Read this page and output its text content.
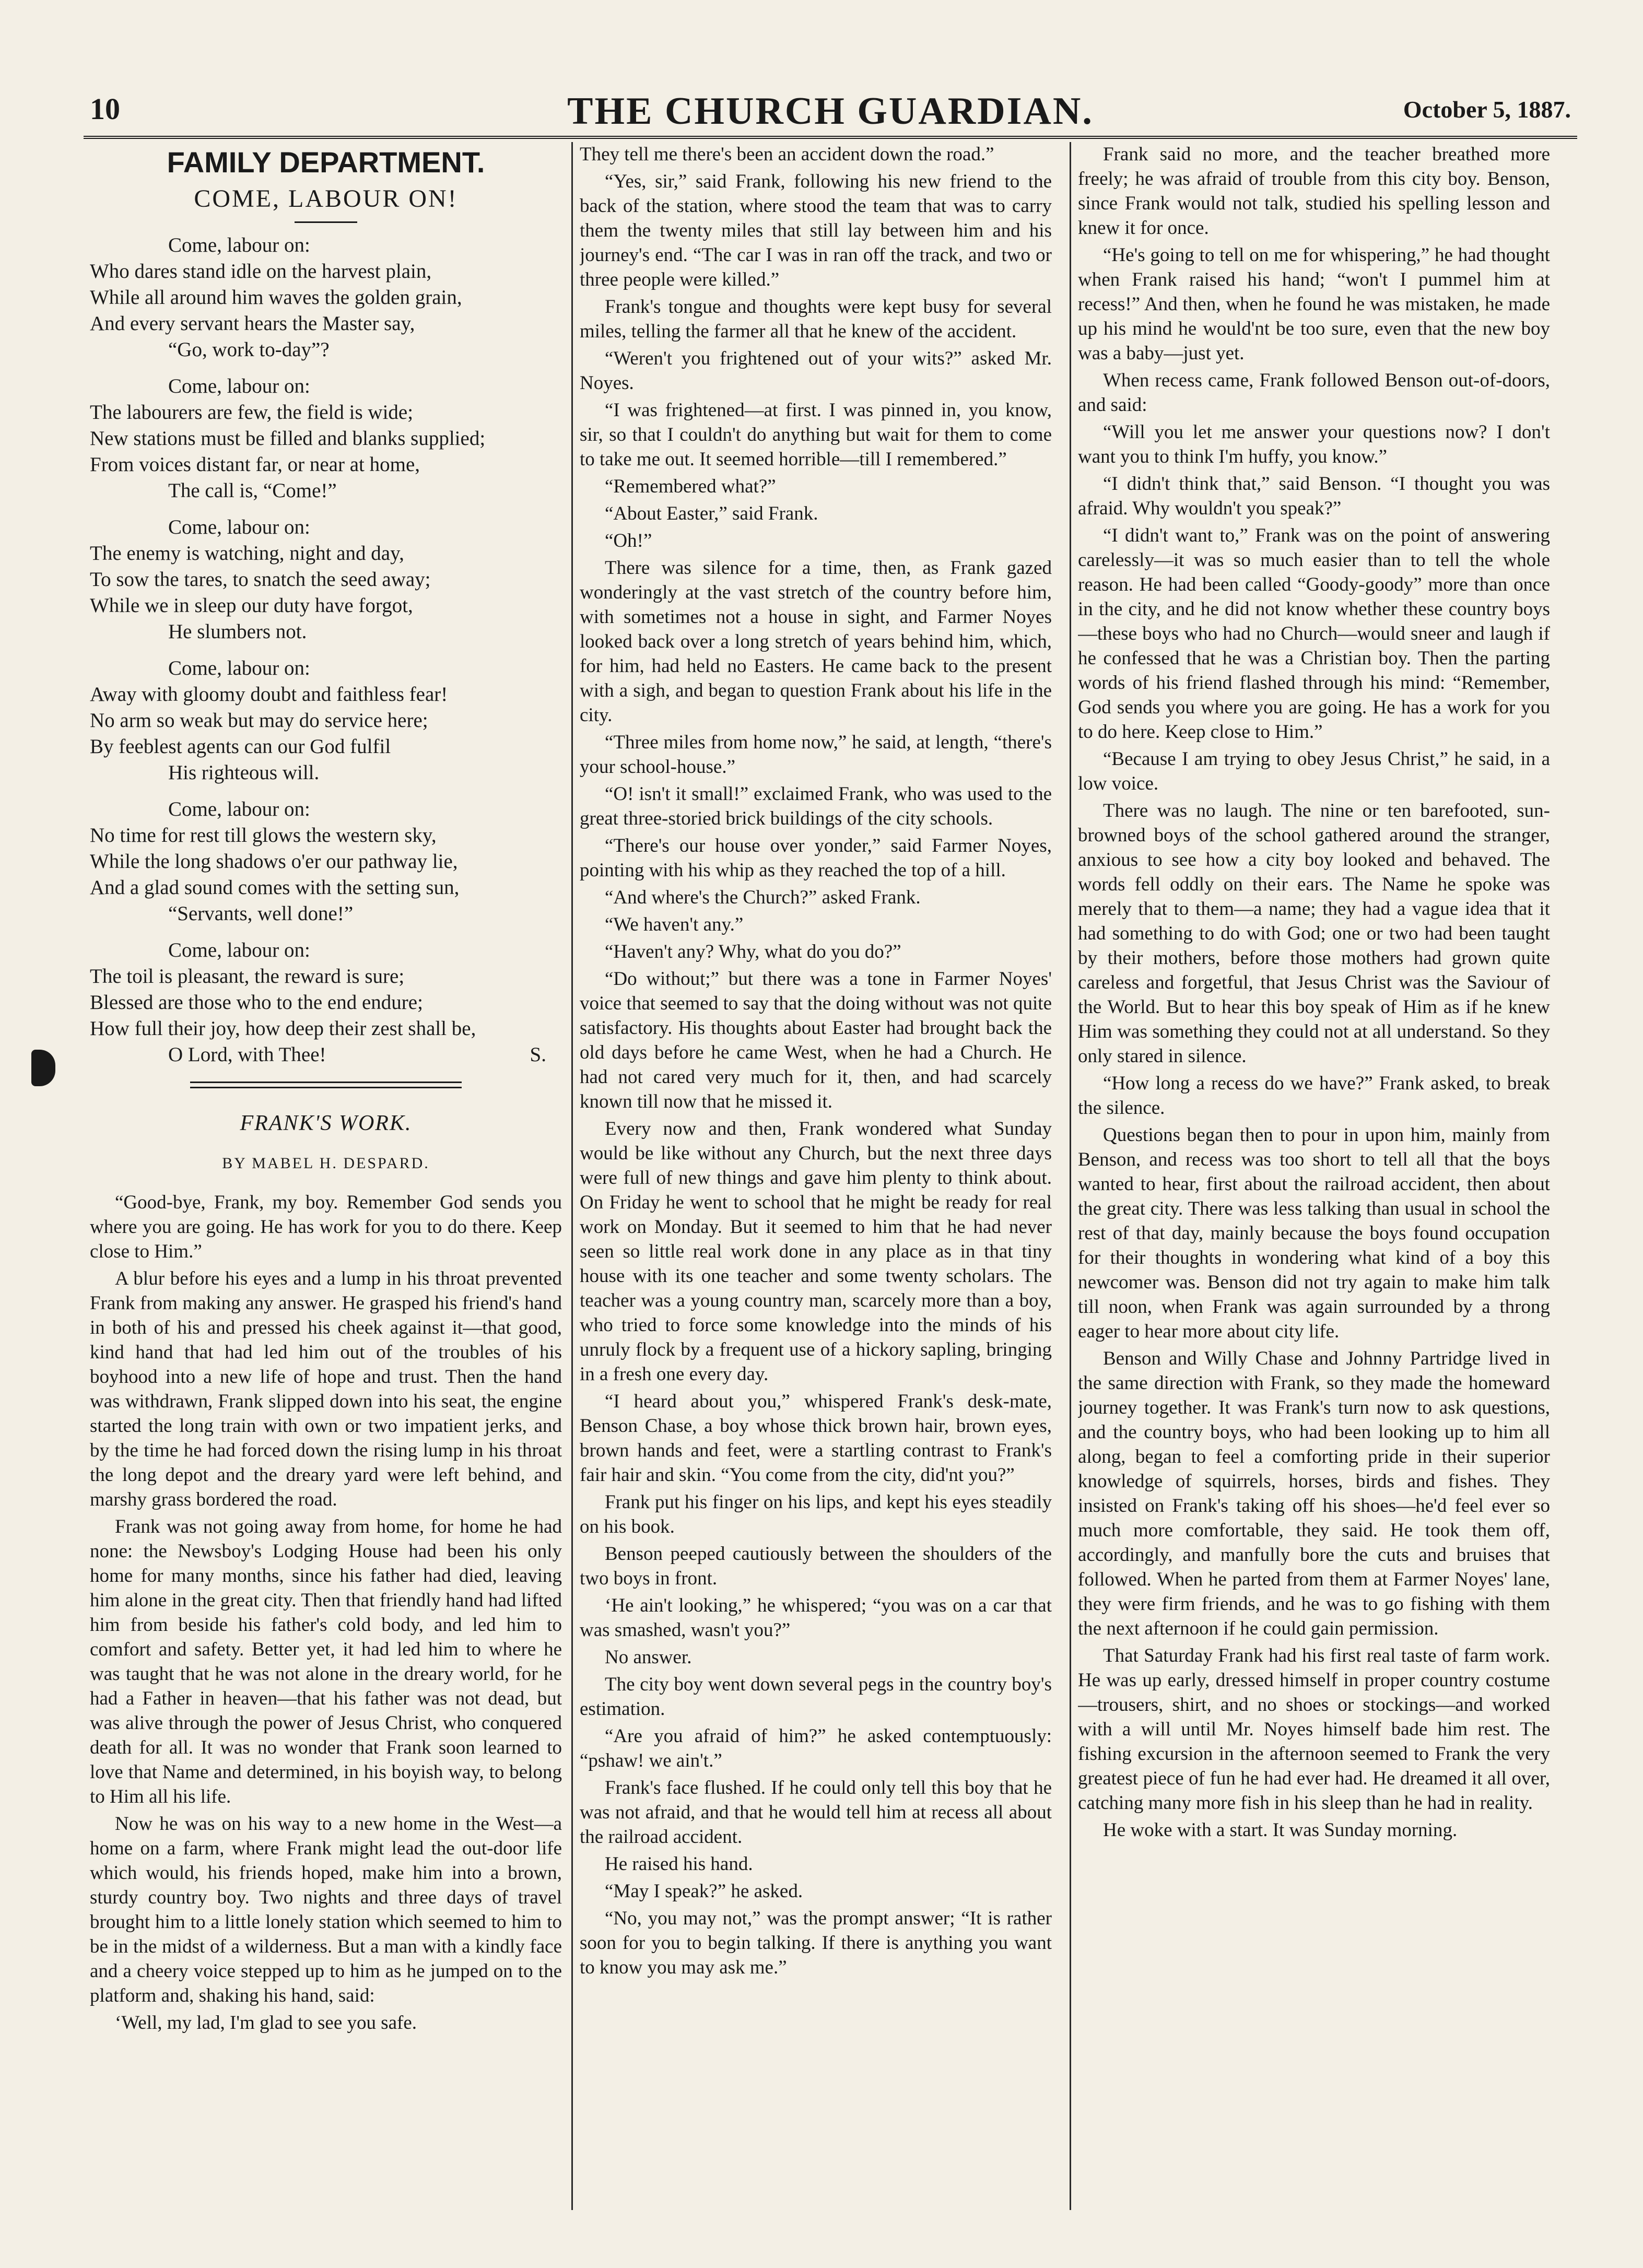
10	THE CHURCH GUARDIAN.	October 5, 1887.
FAMILY DEPARTMENT.
COME, LABOUR ON!
Come, labour on:
Who dares stand idle on the harvest plain,
While all around him waves the golden grain,
And every servant hears the Master say,
“Go, work to-day”?
Come, labour on:
The labourers are few, the field is wide;
New stations must be filled and blanks supplied;
From voices distant far, or near at home,
The call is, “Come!”
Come, labour on:
The enemy is watching, night and day,
To sow the tares, to snatch the seed away;
While we in sleep our duty have forgot,
He slumbers not.
Come, labour on:
Away with gloomy doubt and faithless fear!
No arm so weak but may do service here;
By feeblest agents can our God fulfil
His righteous will.
Come, labour on:
No time for rest till glows the western sky,
While the long shadows o'er our pathway lie,
And a glad sound comes with the setting sun,
“Servants, well done!”
Come, labour on:
The toil is pleasant, the reward is sure;
Blessed are those who to the end endure;
How full their joy, how deep their zest shall be,
O Lord, with Thee!	S.
FRANK'S WORK.
BY MABEL H. DESPARD.

“Good-bye, Frank, my boy. Remember God sends you where you are going. He has work for you to do there. Keep close to Him.”

A blur before his eyes and a lump in his throat prevented Frank from making any answer. He grasped his friend's hand in both of his and pressed his cheek against it—that good, kind hand that had led him out of the troubles of his boyhood into a new life of hope and trust. Then the hand was withdrawn, Frank slipped down into his seat, the engine started the long train with own or two impatient jerks, and by the time he had forced down the rising lump in his throat the long depot and the dreary yard were left behind, and marshy grass bordered the road.

Frank was not going away from home, for home he had none: the Newsboy's Lodging House had been his only home for many months, since his father had died, leaving him alone in the great city. Then that friendly hand had lifted him from beside his father's cold body, and led him to comfort and safety. Better yet, it had led him to where he was taught that he was not alone in the dreary world, for he had a Father in heaven—that his father was not dead, but was alive through the power of Jesus Christ, who conquered death for all. It was no wonder that Frank soon learned to love that Name and determined, in his boyish way, to belong to Him all his life.

Now he was on his way to a new home in the West—a home on a farm, where Frank might lead the out-door life which would, his friends hoped, make him into a brown, sturdy country boy. Two nights and three days of travel brought him to a little lonely station which seemed to him to be in the midst of a wilderness. But a man with a kindly face and a cheery voice stepped up to him as he jumped on to the platform and, shaking his hand, said:

‘Well, my lad, I'm glad to see you safe.

They tell me there's been an accident down the road.”

“Yes, sir,” said Frank, following his new friend to the back of the station, where stood the team that was to carry them the twenty miles that still lay between him and his journey's end. “The car I was in ran off the track, and two or three people were killed.”

Frank's tongue and thoughts were kept busy for several miles, telling the farmer all that he knew of the accident.

“Weren't you frightened out of your wits?” asked Mr. Noyes.

“I was frightened—at first. I was pinned in, you know, sir, so that I couldn't do anything but wait for them to come to take me out. It seemed horrible—till I remembered.”

“Remembered what?”

“About Easter,” said Frank.

“Oh!”

There was silence for a time, then, as Frank gazed wonderingly at the vast stretch of the country before him, with sometimes not a house in sight, and Farmer Noyes looked back over a long stretch of years behind him, which, for him, had held no Easters. He came back to the present with a sigh, and began to question Frank about his life in the city.

“Three miles from home now,” he said, at length, “there's your school-house.”

“O! isn't it small!” exclaimed Frank, who was used to the great three-storied brick buildings of the city schools.

“There's our house over yonder,” said Farmer Noyes, pointing with his whip as they reached the top of a hill.

“And where's the Church?” asked Frank.

“We haven't any.”

“Haven't any? Why, what do you do?”

“Do without;” but there was a tone in Farmer Noyes' voice that seemed to say that the doing without was not quite satisfactory. His thoughts about Easter had brought back the old days before he came West, when he had a Church. He had not cared very much for it, then, and had scarcely known till now that he missed it.

Every now and then, Frank wondered what Sunday would be like without any Church, but the next three days were full of new things and gave him plenty to think about. On Friday he went to school that he might be ready for real work on Monday. But it seemed to him that he had never seen so little real work done in any place as in that tiny house with its one teacher and some twenty scholars. The teacher was a young country man, scarcely more than a boy, who tried to force some knowledge into the minds of his unruly flock by a frequent use of a hickory sapling, bringing in a fresh one every day.

“I heard about you,” whispered Frank's desk-mate, Benson Chase, a boy whose thick brown hair, brown eyes, brown hands and feet, were a startling contrast to Frank's fair hair and skin. “You come from the city, did'nt you?”

Frank put his finger on his lips, and kept his eyes steadily on his book.

Benson peeped cautiously between the shoulders of the two boys in front.

‘He ain't looking,” he whispered; “you was on a car that was smashed, wasn't you?”

No answer.

The city boy went down several pegs in the country boy's estimation.

“Are you afraid of him?” he asked contemptuously: “pshaw! we ain't.”

Frank's face flushed. If he could only tell this boy that he was not afraid, and that he would tell him at recess all about the railroad accident.

He raised his hand.

“May I speak?” he asked.

“No, you may not,” was the prompt answer; “It is rather soon for you to begin talking. If there is anything you want to know you may ask me.”

Frank said no more, and the teacher breathed more freely; he was afraid of trouble from this city boy. Benson, since Frank would not talk, studied his spelling lesson and knew it for once.

“He's going to tell on me for whispering,” he had thought when Frank raised his hand; “won't I pummel him at recess!” And then, when he found he was mistaken, he made up his mind he would'nt be too sure, even that the new boy was a baby—just yet.

When recess came, Frank followed Benson out-of-doors, and said:

“Will you let me answer your questions now? I don't want you to think I'm huffy, you know.”

“I didn't think that,” said Benson. “I thought you was afraid. Why wouldn't you speak?”

“I didn't want to,” Frank was on the point of answering carelessly—it was so much easier than to tell the whole reason. He had been called “Goody-goody” more than once in the city, and he did not know whether these country boys—these boys who had no Church—would sneer and laugh if he confessed that he was a Christian boy. Then the parting words of his friend flashed through his mind: “Remember, God sends you where you are going. He has a work for you to do here. Keep close to Him.”

“Because I am trying to obey Jesus Christ,” he said, in a low voice.

There was no laugh. The nine or ten barefooted, sun-browned boys of the school gathered around the stranger, anxious to see how a city boy looked and behaved. The words fell oddly on their ears. The Name he spoke was merely that to them—a name; they had a vague idea that it had something to do with God; one or two had been taught by their mothers, before those mothers had grown quite careless and forgetful, that Jesus Christ was the Saviour of the World. But to hear this boy speak of Him as if he knew Him was something they could not at all understand. So they only stared in silence.

“How long a recess do we have?” Frank asked, to break the silence.

Questions began then to pour in upon him, mainly from Benson, and recess was too short to tell all that the boys wanted to hear, first about the railroad accident, then about the great city. There was less talking than usual in school the rest of that day, mainly because the boys found occupation for their thoughts in wondering what kind of a boy this newcomer was. Benson did not try again to make him talk till noon, when Frank was again surrounded by a throng eager to hear more about city life.

Benson and Willy Chase and Johnny Partridge lived in the same direction with Frank, so they made the homeward journey together. It was Frank's turn now to ask questions, and the country boys, who had been looking up to him all along, began to feel a comforting pride in their superior knowledge of squirrels, horses, birds and fishes. They insisted on Frank's taking off his shoes—he'd feel ever so much more comfortable, they said. He took them off, accordingly, and manfully bore the cuts and bruises that followed. When he parted from them at Farmer Noyes' lane, they were firm friends, and he was to go fishing with them the next afternoon if he could gain permission.

That Saturday Frank had his first real taste of farm work. He was up early, dressed himself in proper country costume—trousers, shirt, and no shoes or stockings—and worked with a will until Mr. Noyes himself bade him rest. The fishing excursion in the afternoon seemed to Frank the very greatest piece of fun he had ever had. He dreamed it all over, catching many more fish in his sleep than he had in reality.

He woke with a start. It was Sunday morning.
